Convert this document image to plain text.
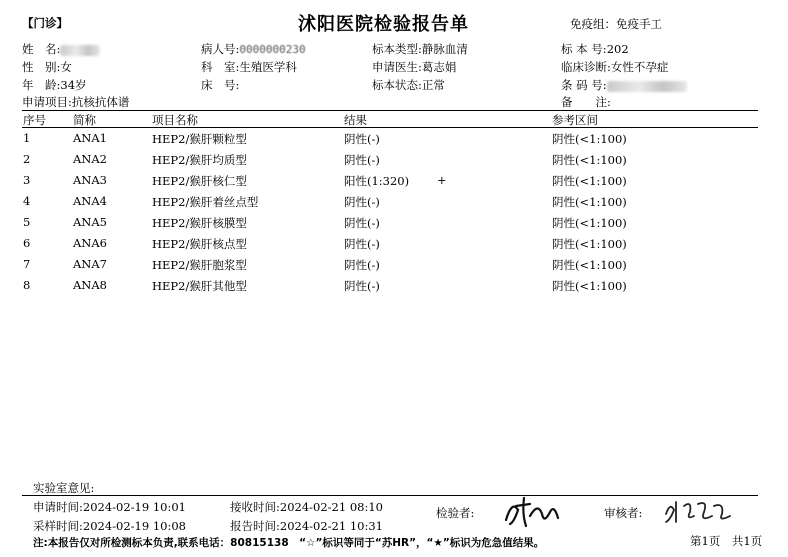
【门诊】	沭阳医院检验报告单	免疫组：免疫手工
姓　名:
性　别:女
年　龄:34岁
申请项目:抗核抗体谱
病人号:0000000230
科　室:生殖医学科
床　号:
标本类型:静脉血清
申请医生:葛志娟
标本状态:正常
标 本 号:202
临床诊断:女性不孕症
条 码 号:
备　　注:
序号 简称	项目名称	结果	参考区间
1	ANA1	HEP2/猴肝颗粒型	阴性(-)	阴性(<1:100)
2	ANA2	HEP2/猴肝均质型	阴性(-)	阴性(<1:100)
3	ANA3	HEP2/猴肝核仁型	阳性(1:320) +	阴性(<1:100)
4	ANA4	HEP2/猴肝着丝点型	阴性(-)	阴性(<1:100)
5	ANA5	HEP2/猴肝核膜型	阴性(-)	阴性(<1:100)
6	ANA6	HEP2/猴肝核点型	阴性(-)	阴性(<1:100)
7	ANA7	HEP2/猴肝胞浆型	阴性(-)	阴性(<1:100)
8	ANA8	HEP2/猴肝其他型	阴性(-)	阴性(<1:100)
实验室意见:
申请时间:2024-02-19 10:01	接收时间:2024-02-21 08:10
采样时间:2024-02-19 10:08	报告时间:2024-02-21 10:31
检验者:	审核者:
注:本报告仅对所检测标本负责,联系电话：80815138　“☆”标识等同于“苏HR”，“★”标识为危急值结果。	第1页　共1页
